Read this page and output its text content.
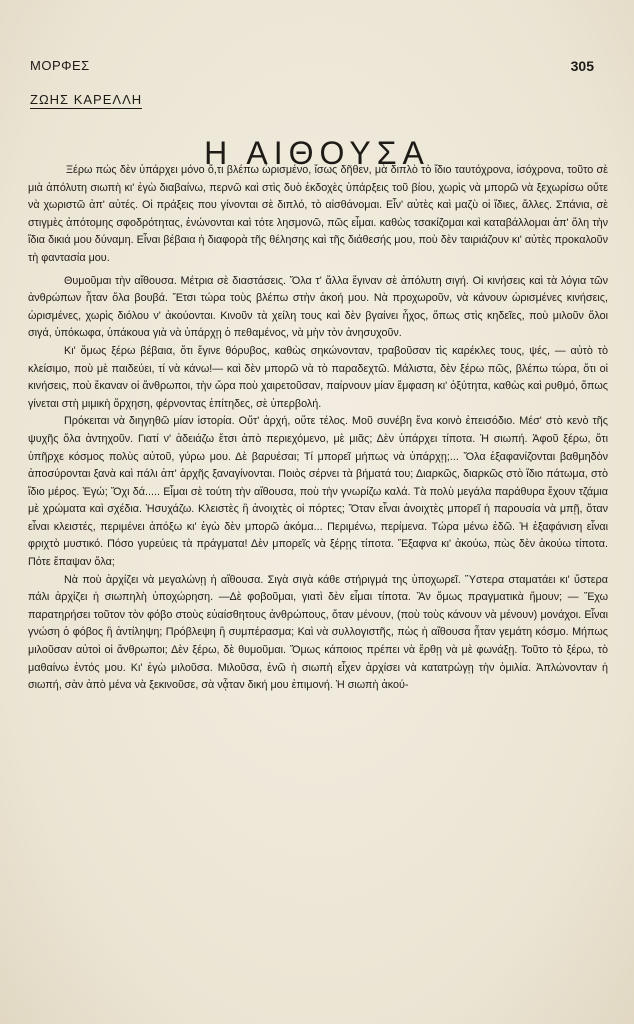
ΜΟΡΦΕΣ	305
ΖΩΗΣ ΚΑΡΕΛΛΗ
Η ΑΙΘΟΥΣΑ

Ξέρω πώς δὲν ὑπάρχει μόνο ὅ,τι βλέπω ὡρισμένο, ἴσως δῆθεν, μὰ διπλὸ τὸ ἴδιο ταυτόχρονα, ἰσόχρονα, τοῦτο σὲ μιὰ ἀπόλυτη σιωπὴ κι' ἐγὼ διαβαίνω, περνῶ καὶ στὶς δυὸ ἐκδοχὲς ὑπάρξεις τοῦ βίου, χωρὶς νὰ μπορῶ νὰ ξεχωρίσω οὔτε νὰ χωριστῶ ἀπ' αὐτές. Οἱ πράξεις που γίνονται σὲ διπλό, τὸ αἰσθάνομαι. Εἶν' αὐτὲς καὶ μαζὺ οἱ ἴδιες, ἄλλες. Σπάνια, σὲ στιγμὲς ἀπότομης σφοδρότητας, ἑνώνονται καὶ τότε λησμονῶ, πῶς εἶμαι. καθὼς τσακίζομαι καὶ καταβάλλομαι ἀπ' ὅλη τὴν ἴδια δικιά μου δύναμη. Εἶναι βέβαια ἡ διαφορὰ τῆς θέλησης καὶ τῆς διάθεσής μου, ποὺ δὲν ταιριάζουν κι' αὐτὲς προκαλοῦν τὴ φαντασία μου.

Θυμοῦμαι τὴν αἴθουσα. Μέτρια σὲ διαστάσεις. Ὅλα τ' ἄλλα ἔγιναν σὲ ἀπόλυτη σιγή. Οἱ κινήσεις καὶ τὰ λόγια τῶν ἀνθρώπων ἦταν ὅλα βουβά. Ἔτσι τώρα τοὺς βλέπω στὴν ἀκοή μου. Νὰ προχωροῦν, νὰ κάνουν ὡρισμένες κινήσεις, ὡρισμένες, χωρὶς διόλου ν' ἀκούονται. Κινοῦν τὰ χείλη τους καὶ δὲν βγαίνει ἦχος, ὅπως στὶς κηδεῖες, ποὺ μιλοῦν ὅλοι σιγά, ὑπόκωφα, ὑπάκουα γιὰ νὰ ὑπάρχῃ ὁ πεθαμένος, νὰ μὴν τὸν ἀνησυχοῦν.

Κι' ὅμως ξέρω βέβαια, ὅτι ἔγινε θόρυβος, καθὼς σηκώνονταν, τραβοῦσαν τὶς καρέκλες τους, ψές, — αὐτὸ τὸ κλείσιμο, ποὺ μὲ παιδεύει, τί νὰ κάνω!— καὶ δὲν μπορῶ νὰ τὸ παραδεχτῶ. Μάλιστα, δὲν ξέρω πῶς, βλέπω τώρα, ὅτι οἱ κινήσεις, ποὺ ἔκαναν οἱ ἄνθρωποι, τὴν ὥρα ποὺ χαιρετοῦσαν, παίρνουν μίαν ἔμφαση κι' ὀξύτητα, καθὼς καὶ ρυθμό, ὅπως γίνεται στὴ μιμικὴ ὄρχηση, φέρνοντας ἐπίτηδες, σὲ ὑπερβολή.

Πρόκειται νὰ διηγηθῶ μίαν ἱστορία. Οὔτ' ἀρχή, οὔτε τέλος. Μοῦ συνέβη ἕνα κοινὸ ἐπεισόδιο. Μέσ' στὸ κενὸ τῆς ψυχῆς ὅλα ἀντηχοῦν. Γιατί ν' ἀδειάζω ἔτσι ἀπὸ περιεχόμενο, μὲ μιᾶς; Δὲν ὑπάρχει τίποτα. Ἡ σιωπή. Ἀφοῦ ξέρω, ὅτι ὑπῆρχε κόσμος πολὺς αὐτοῦ, γύρω μου. Δὲ βαρυέσαι; Τί μπορεῖ μήπως νὰ ὑπάρχῃ;... Ὅλα ἐξαφανίζονται βαθμηδὸν ἀποσύρονται ξανὰ καὶ πάλι ἀπ' ἀρχῆς ξαναγίνονται. Ποιὸς σέρνει τὰ βήματά του; Διαρκῶς, διαρκῶς στὸ ἴδιο πάτωμα, στὸ ἴδιο μέρος. Ἐγώ; Ὄχι δά..... Εἶμαι σὲ τούτη τὴν αἴθουσα, ποὺ τὴν γνωρίζω καλά. Τὰ πολὺ μεγάλα παράθυρα ἔχουν τζάμια μὲ χρώματα καὶ σχέδια. Ἡσυχάζω. Κλειστὲς ἢ ἀνοιχτὲς οἱ πόρτες; Ὅταν εἶναι ἀνοιχτὲς μπορεῖ ἡ παρουσία νὰ μπῇ, ὅταν εἶναι κλειστές, περιμένει ἀπόξω κι' ἐγὼ δὲν μπορῶ ἀκόμα... Περιμένω, περίμενα. Τώρα μένω ἐδῶ. Ἡ ἐξαφάνιση εἶναι φριχτὸ μυστικό. Πόσο γυρεύεις τὰ πράγματα! Δὲν μπορεῖς νὰ ξέρῃς τίποτα. Ἔξαφνα κι' ἀκούω, πὼς δὲν ἀκούω τίποτα. Πότε ἔπαψαν ὅλα;

Νὰ ποὺ ἀρχίζει νὰ μεγαλώνῃ ἡ αἴθουσα. Σιγὰ σιγὰ κάθε στήριγμά της ὑποχωρεῖ. Ὕστερα σταματάει κι' ὕστερα πάλι ἀρχίζει ἡ σιωπηλὴ ὑποχώρηση. —Δὲ φοβοῦμαι, γιατὶ δὲν εἶμαι τίποτα. Ἂν ὅμως πραγματικὰ ἤμουν; — Ἔχω παρατηρήσει τοῦτον τὸν φόβο στοὺς εὐαίσθητους ἀνθρώπους, ὅταν μένουν, (ποὺ τοὺς κάνουν νὰ μένουν) μονάχοι. Εἶναι γνώση ὁ φόβος ἢ ἀντίληψη; Πρόβλεψη ἢ συμπέρασμα; Καὶ νὰ συλλογιστῆς, πὼς ἡ αἴθουσα ἦταν γεμάτη κόσμο. Μήπως μιλοῦσαν αὐτοὶ οἱ ἄνθρωποι; Δὲν ξέρω, δὲ θυμοῦμαι. Ὅμως κάποιος πρέπει νὰ ἔρθῃ νὰ μὲ φωνάξῃ. Τοῦτο τὸ ξέρω, τὸ μαθαίνω ἐντός μου. Κι' ἐγὼ μιλοῦσα. Μιλοῦσα, ἐνῶ ἡ σιωπὴ εἶχεν ἀρχίσει νὰ κατατρώγῃ τὴν ὁμιλία. Ἀπλώνονταν ἡ σιωπή, σὰν ἀπὸ μένα νὰ ξεκινοῦσε, σὰ νᾆταν δική μου ἐπιμονή. Ἡ σιωπὴ ἀκού-
